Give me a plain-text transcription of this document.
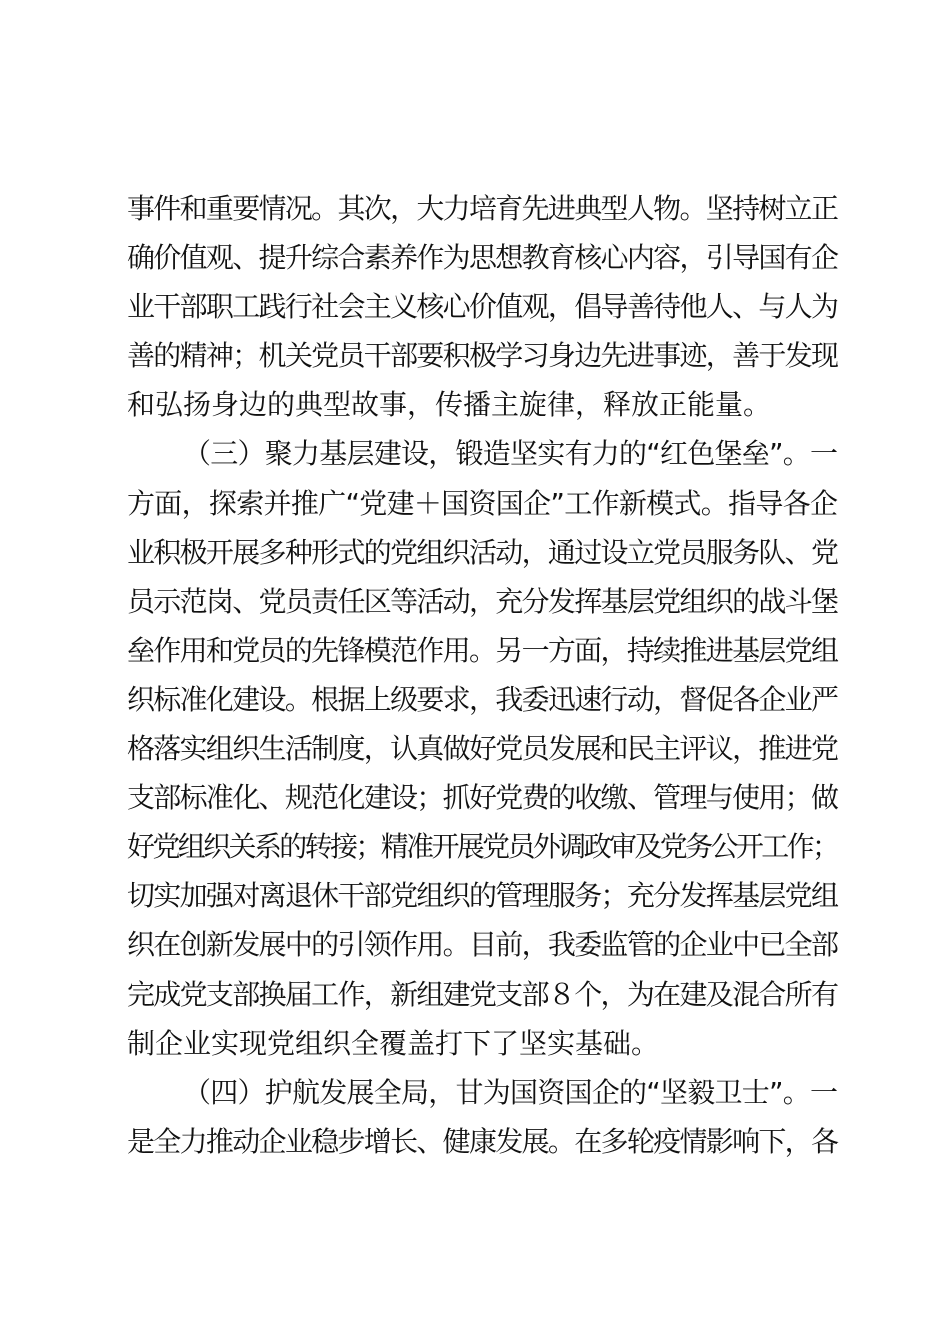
事件和重要情况。其次，大力培育先进典型人物。坚持树立正
确价值观、提升综合素养作为思想教育核心内容，引导国有企
业干部职工践行社会主义核心价值观，倡导善待他人、与人为
善的精神；机关党员干部要积极学习身边先进事迹，善于发现
和弘扬身边的典型故事，传播主旋律，释放正能量。
（三）聚力基层建设，锻造坚实有力的“红色堡垒”。一
方面，探索并推广“党建＋国资国企”工作新模式。指导各企
业积极开展多种形式的党组织活动，通过设立党员服务队、党
员示范岗、党员责任区等活动，充分发挥基层党组织的战斗堡
垒作用和党员的先锋模范作用。另一方面，持续推进基层党组
织标准化建设。根据上级要求，我委迅速行动，督促各企业严
格落实组织生活制度，认真做好党员发展和民主评议，推进党
支部标准化、规范化建设；抓好党费的收缴、管理与使用；做
好党组织关系的转接；精准开展党员外调政审及党务公开工作；
切实加强对离退休干部党组织的管理服务；充分发挥基层党组
织在创新发展中的引领作用。目前，我委监管的企业中已全部
完成党支部换届工作，新组建党支部８个，为在建及混合所有
制企业实现党组织全覆盖打下了坚实基础。
（四）护航发展全局，甘为国资国企的“坚毅卫士”。一
是全力推动企业稳步增长、健康发展。在多轮疫情影响下，各
